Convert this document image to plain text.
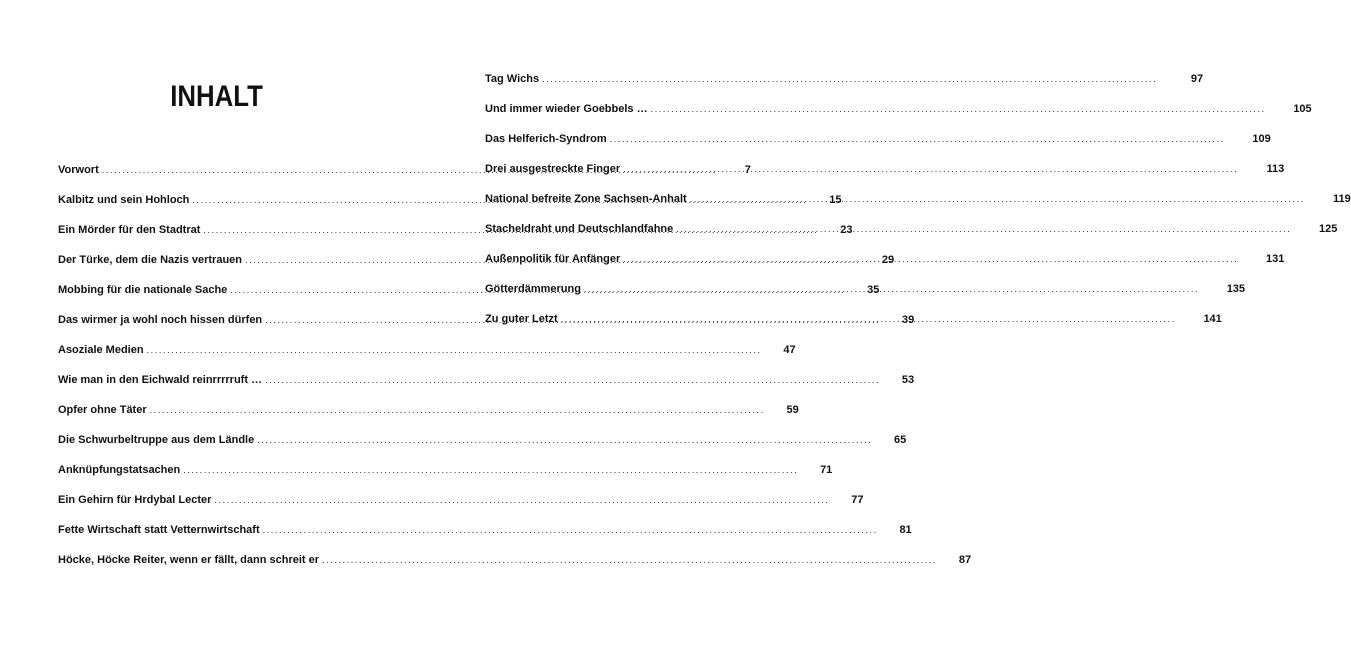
INHALT
Vorwort .....	7
Kalbitz und sein Hohloch .....	15
Ein Mörder für den Stadtrat .....	23
Der Türke, dem die Nazis vertrauen .....	29
Mobbing für die nationale Sache .....	35
Das wirmer ja wohl noch hissen dürfen .....	39
Asoziale Medien .....	47
Wie man in den Eichwald reinrrrrruft … .....	53
Opfer ohne Täter .....	59
Die Schwurbeltruppe aus dem Ländle .....	65
Anknüpfungstatsachen .....	71
Ein Gehirn für Hrdybal Lecter .....	77
Fette Wirtschaft statt Vetternwirtschaft .....	81
Höcke, Höcke Reiter, wenn er fällt, dann schreit er .....	87
Tag Wichs .....	97
Und immer wieder Goebbels … .....	105
Das Helferich-Syndrom .....	109
Drei ausgestreckte Finger .....	113
National befreite Zone Sachsen-Anhalt .....	119
Stacheldraht und Deutschlandfahne .....	125
Außenpolitik für Anfänger .....	131
Götterdämmerung .....	135
Zu guter Letzt .....	141
